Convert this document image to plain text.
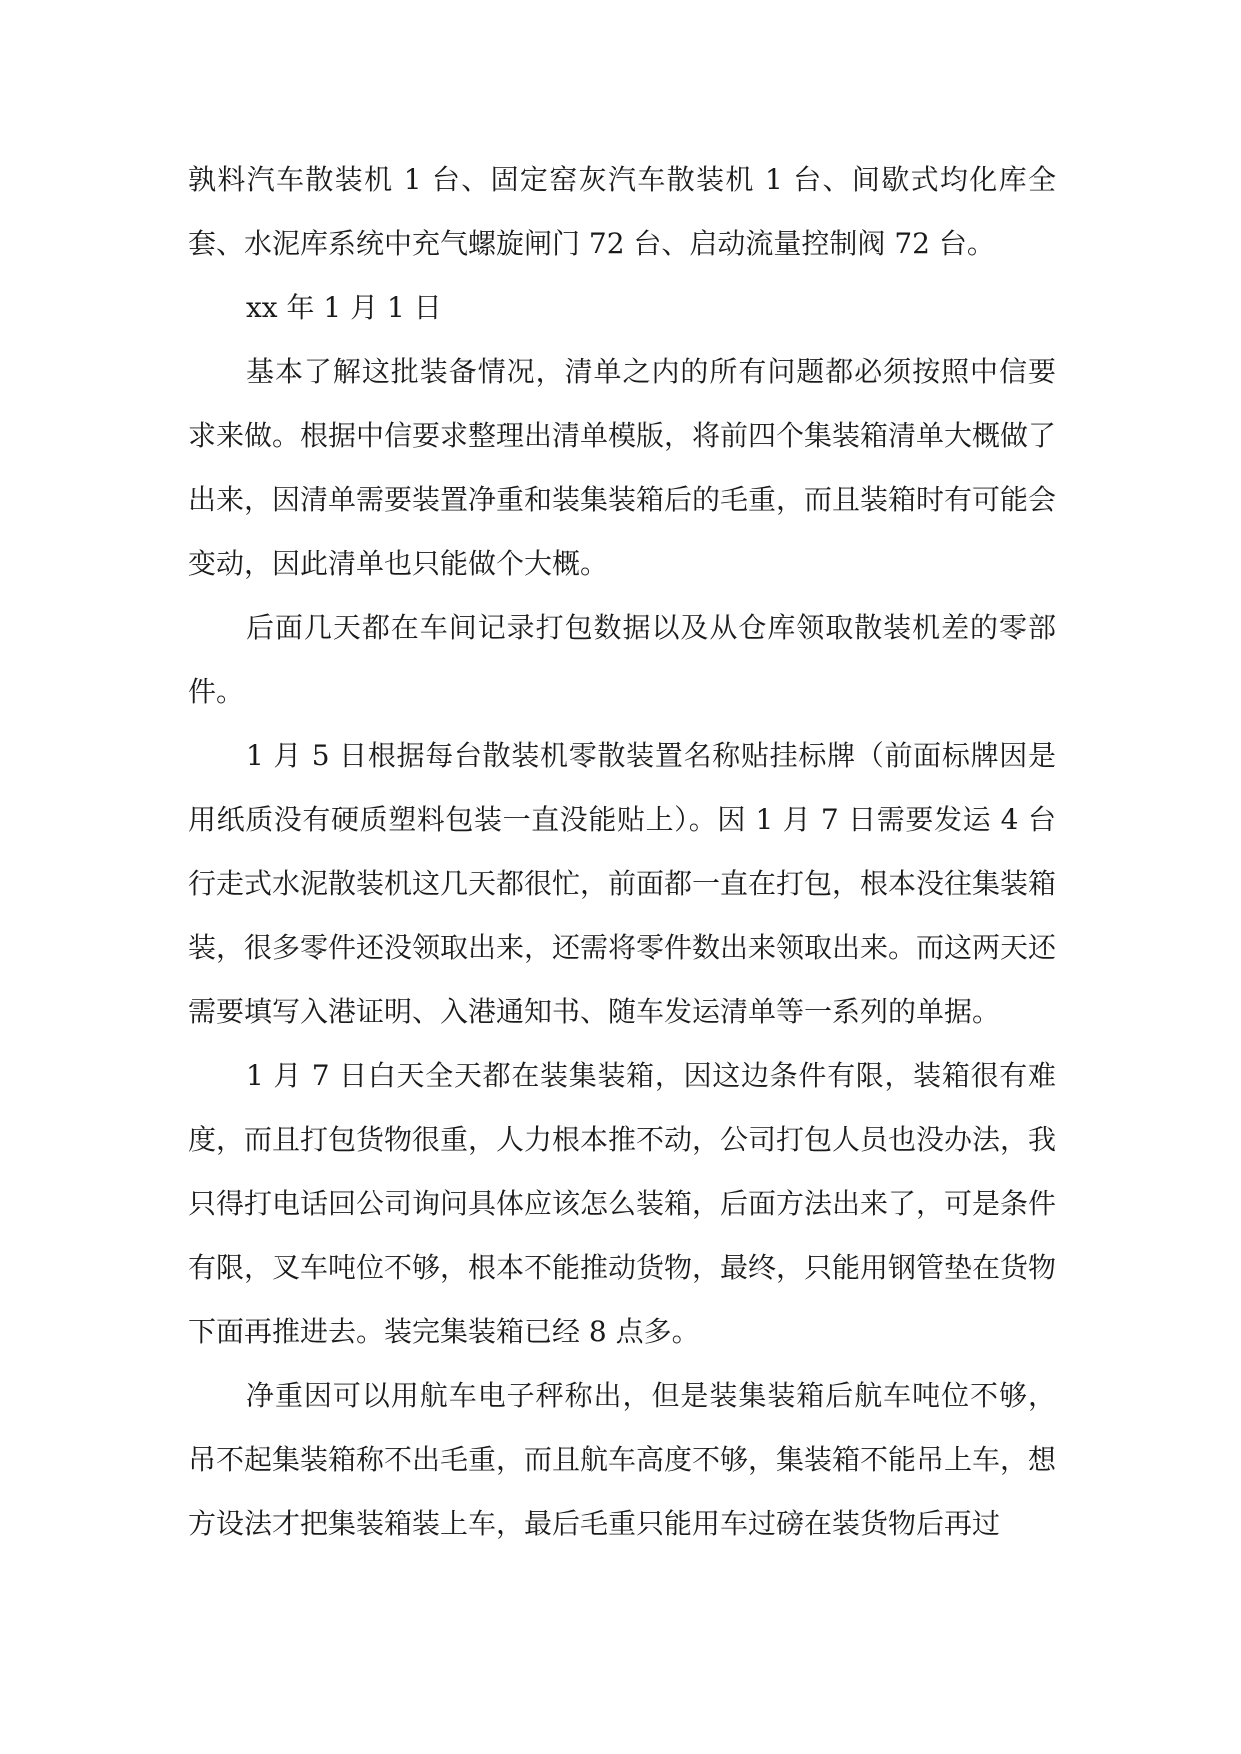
孰料汽车散装机 1 台、固定窑灰汽车散装机 1 台、间歇式均化库全套、水泥库系统中充气螺旋闸门 72 台、启动流量控制阀 72 台。

xx 年 1 月 1 日

基本了解这批装备情况，清单之内的所有问题都必须按照中信要求来做。根据中信要求整理出清单模版，将前四个集装箱清单大概做了出来，因清单需要装置净重和装集装箱后的毛重，而且装箱时有可能会变动，因此清单也只能做个大概。

后面几天都在车间记录打包数据以及从仓库领取散装机差的零部件。

1 月 5 日根据每台散装机零散装置名称贴挂标牌（前面标牌因是用纸质没有硬质塑料包装一直没能贴上）。因 1 月 7 日需要发运 4 台行走式水泥散装机这几天都很忙，前面都一直在打包，根本没往集装箱装，很多零件还没领取出来，还需将零件数出来领取出来。而这两天还需要填写入港证明、入港通知书、随车发运清单等一系列的单据。

1 月 7 日白天全天都在装集装箱，因这边条件有限，装箱很有难度，而且打包货物很重，人力根本推不动，公司打包人员也没办法，我只得打电话回公司询问具体应该怎么装箱，后面方法出来了，可是条件有限，叉车吨位不够，根本不能推动货物，最终，只能用钢管垫在货物下面再推进去。装完集装箱已经 8 点多。

净重因可以用航车电子秤称出，但是装集装箱后航车吨位不够，吊不起集装箱称不出毛重，而且航车高度不够，集装箱不能吊上车，想方设法才把集装箱装上车，最后毛重只能用车过磅在装货物后再过
